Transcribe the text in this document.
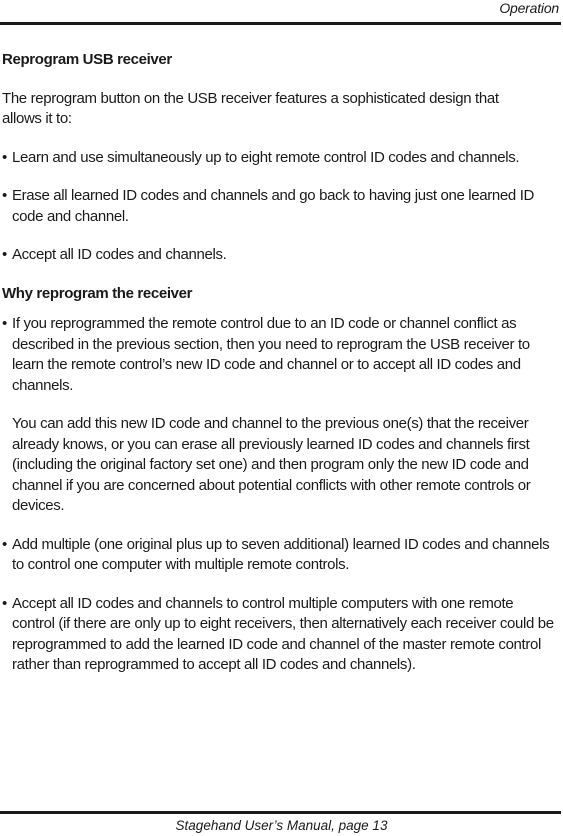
Operation
Reprogram USB receiver

The reprogram button on the USB receiver features a sophisticated design that allows it to:

• Learn and use simultaneously up to eight remote control ID codes and channels.
• Erase all learned ID codes and channels and go back to having just one learned ID code and channel.
• Accept all ID codes and channels.
Why reprogram the receiver
• If you reprogrammed the remote control due to an ID code or channel conflict as described in the previous section, then you need to reprogram the USB receiver to learn the remote control’s new ID code and channel or to accept all ID codes and channels.
You can add this new ID code and channel to the previous one(s) that the receiver already knows, or you can erase all previously learned ID codes and channels first (including the original factory set one) and then program only the new ID code and channel if you are concerned about potential conflicts with other remote controls or devices.
• Add multiple (one original plus up to seven additional) learned ID codes and channels to control one computer with multiple remote controls.
• Accept all ID codes and channels to control multiple computers with one remote control (if there are only up to eight receivers, then alternatively each receiver could be reprogrammed to add the learned ID code and channel of the master remote control rather than reprogrammed to accept all ID codes and channels).
Stagehand User’s Manual, page 13
